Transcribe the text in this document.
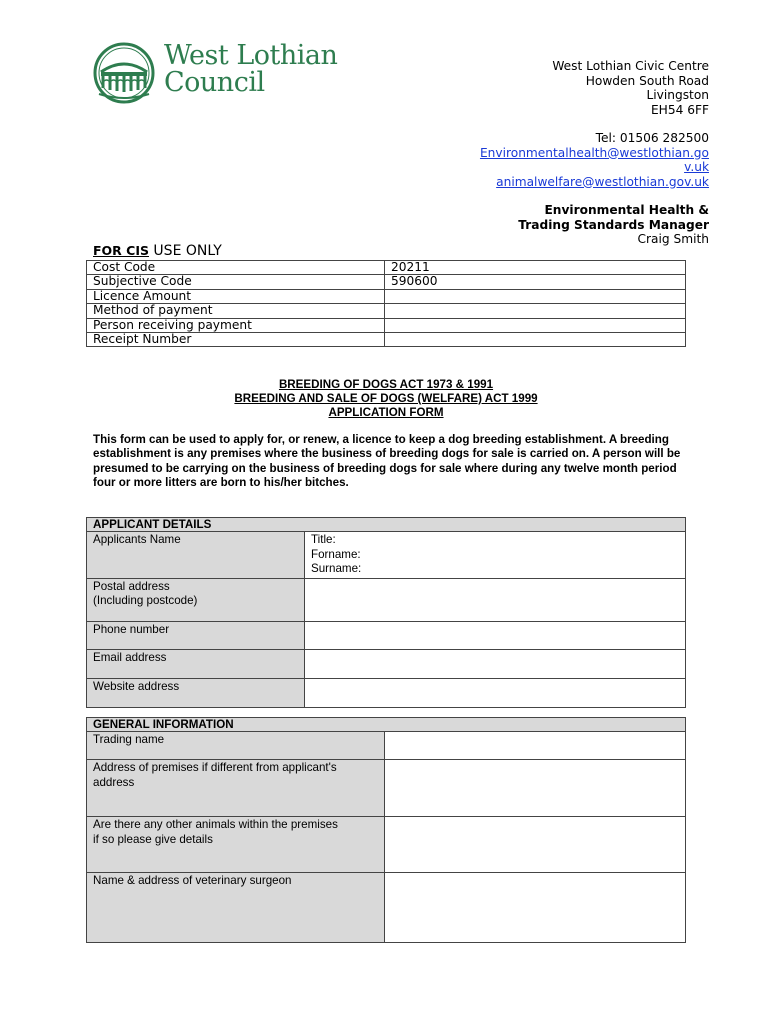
West Lothian
Council
West Lothian Civic Centre
Howden South Road
Livingston
EH54 6FF
Tel: 01506 282500
Environmentalhealth@westlothian.go
v.uk
animalwelfare@westlothian.gov.uk
Environmental Health &
Trading Standards Manager
Craig Smith
FOR CIS USE ONLY
Cost Code	20211
Subjective Code	590600
Licence Amount	
Method of payment	
Person receiving payment	
Receipt Number	
BREEDING OF DOGS ACT 1973 & 1991
BREEDING AND SALE OF DOGS (WELFARE) ACT 1999
APPLICATION FORM
This form can be used to apply for, or renew, a licence to keep a dog breeding establishment. A breeding establishment is any premises where the business of breeding dogs for sale is carried on. A person will be presumed to be carrying on the business of breeding dogs for sale where during any twelve month period four or more litters are born to his/her bitches.
APPLICANT DETAILS	
Applicants Name	Title:
Forname:
Surname:

Postal address
(Including postcode)	

Phone number	
Email address	
Website address	
GENERAL INFORMATION	
Trading name	

Address of premises if different from applicant's
address	

Are there any other animals within the premises
if so please give details	

Name & address of veterinary surgeon	
